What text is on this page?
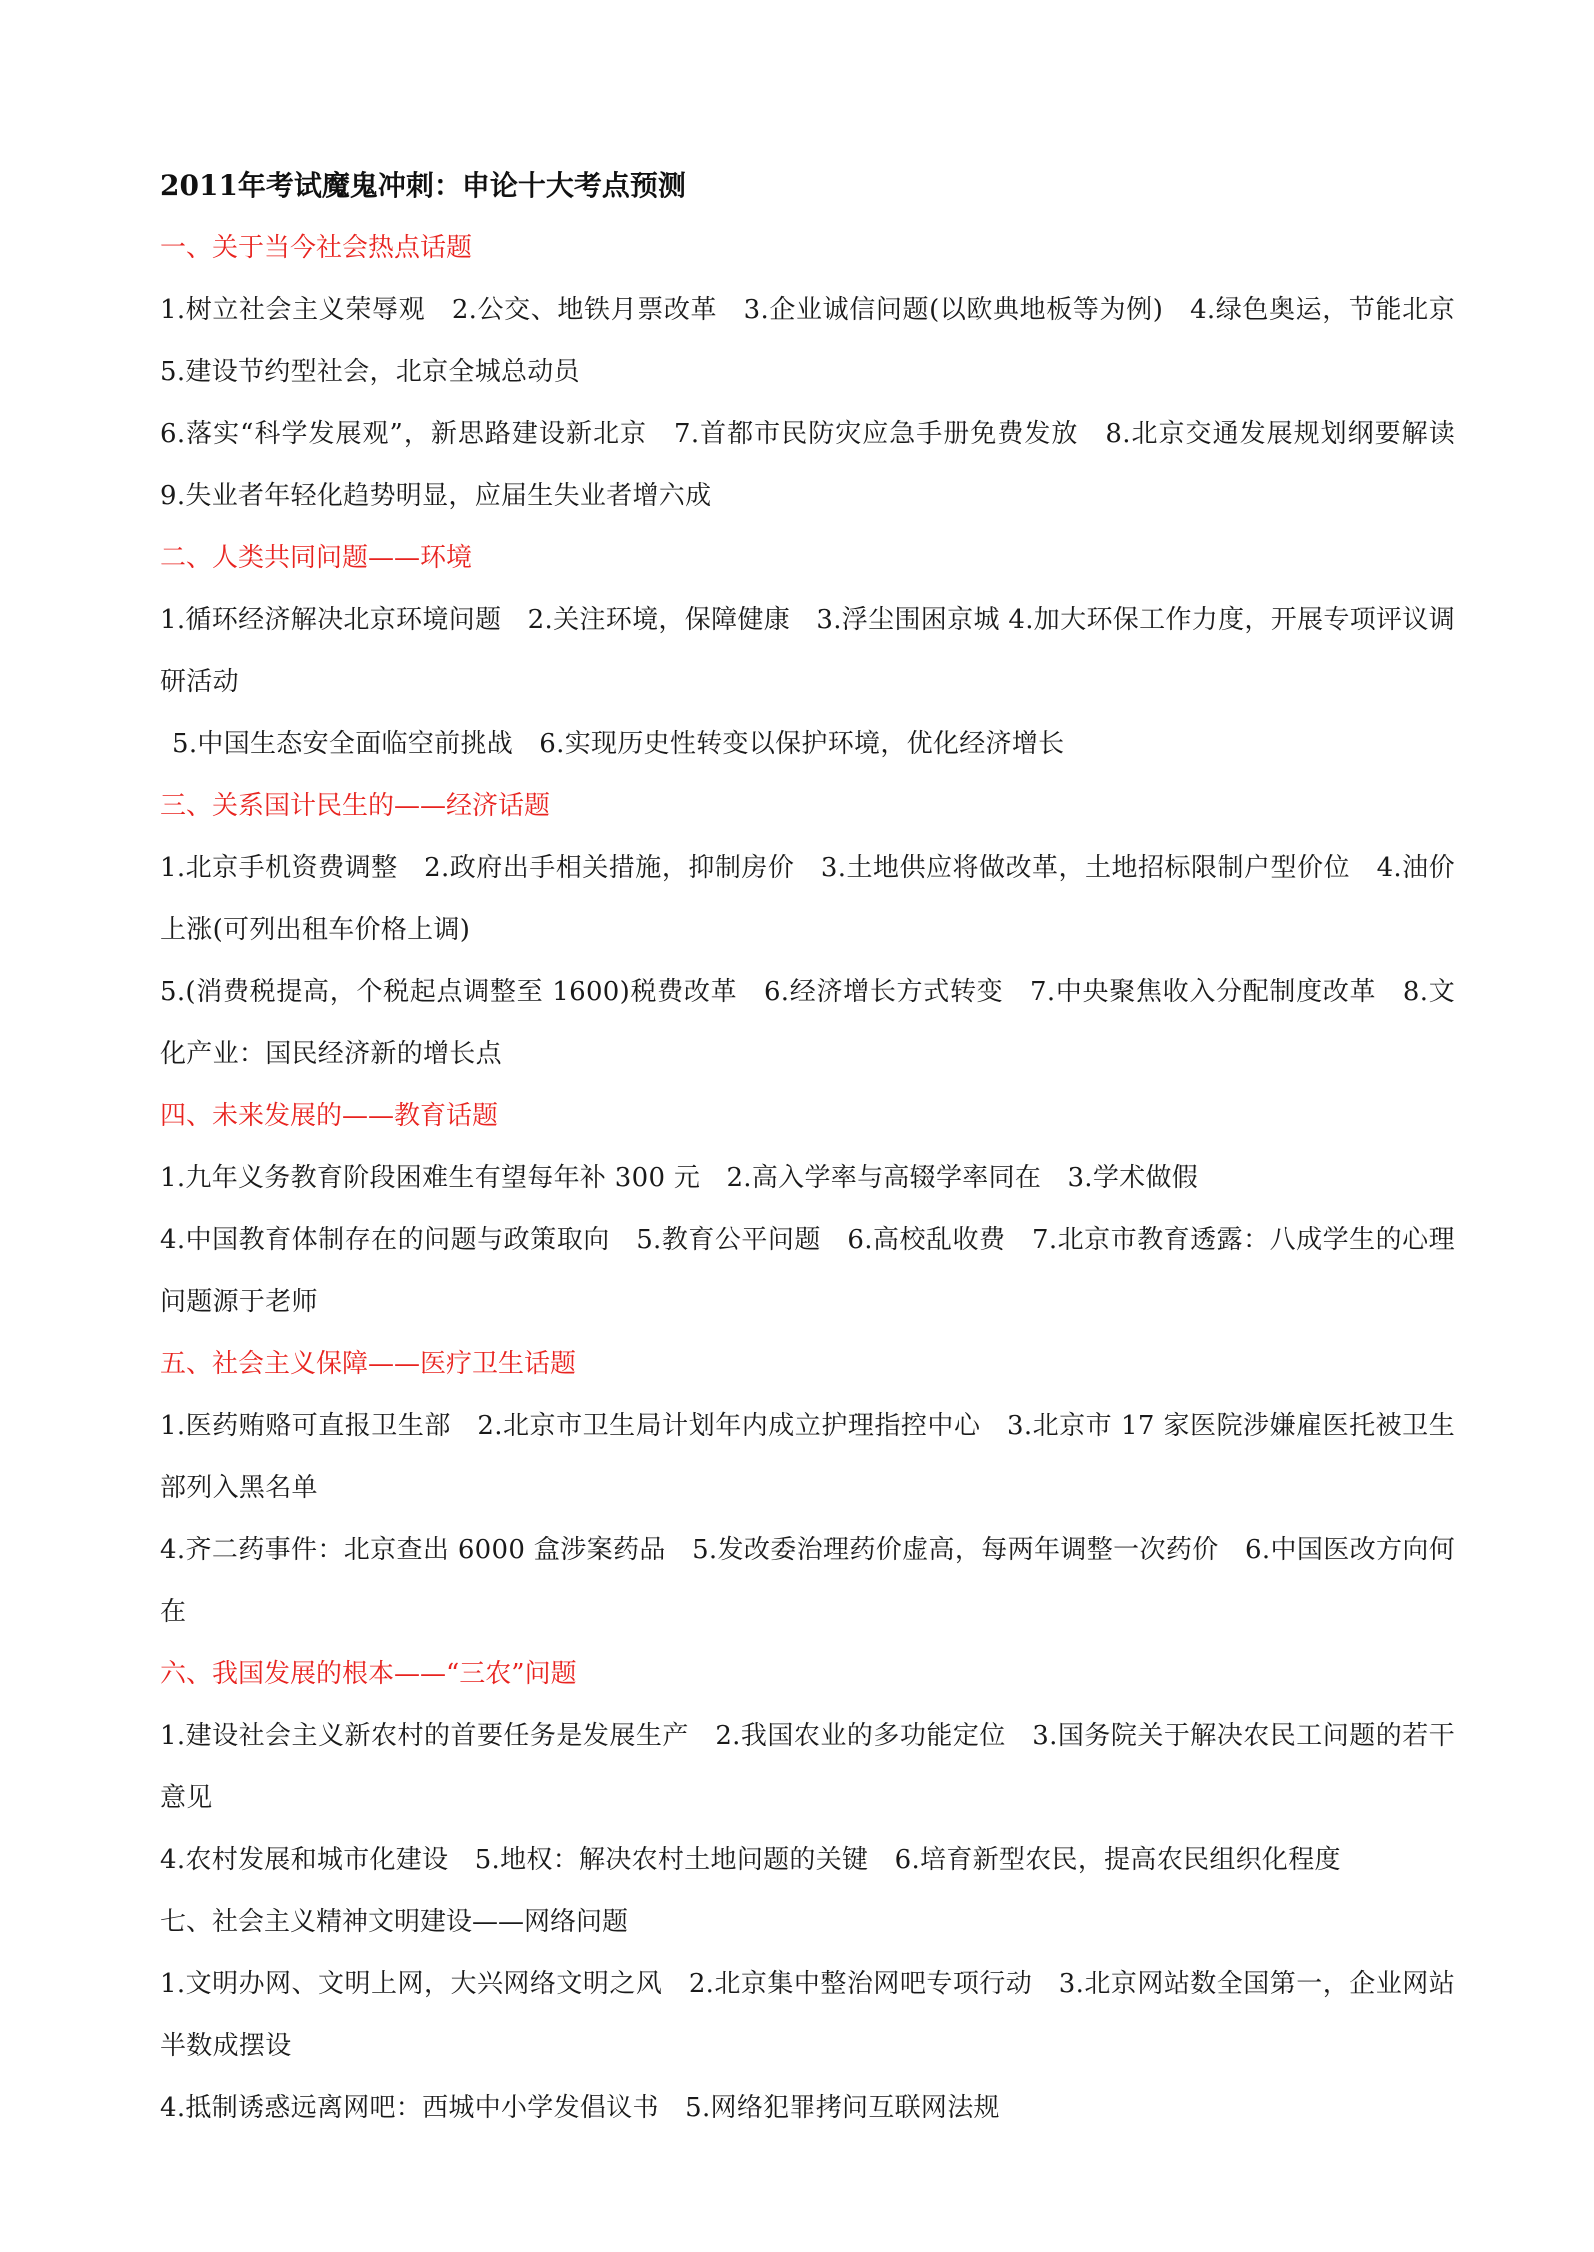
2011年考试魔鬼冲刺：申论十大考点预测

一、关于当今社会热点话题

1.树立社会主义荣辱观　2.公交、地铁月票改革　3.企业诚信问题(以欧典地板等为例)　4.绿色奥运，节能北京　5.建设节约型社会，北京全城总动员

6.落实“科学发展观”，新思路建设新北京　7.首都市民防灾应急手册免费发放　8.北京交通发展规划纲要解读　9.失业者年轻化趋势明显，应届生失业者增六成

二、人类共同问题——环境

1.循环经济解决北京环境问题　2.关注环境，保障健康　3.浮尘围困京城 4.加大环保工作力度，开展专项评议调研活动

5.中国生态安全面临空前挑战　6.实现历史性转变以保护环境，优化经济增长

三、关系国计民生的——经济话题

1.北京手机资费调整　2.政府出手相关措施，抑制房价　3.土地供应将做改革，土地招标限制户型价位　4.油价上涨(可列出租车价格上调)

5.(消费税提高，个税起点调整至 1600)税费改革　6.经济增长方式转变　7.中央聚焦收入分配制度改革　8.文化产业：国民经济新的增长点

四、未来发展的——教育话题

1.九年义务教育阶段困难生有望每年补 300 元　2.高入学率与高辍学率同在　3.学术做假

4.中国教育体制存在的问题与政策取向　5.教育公平问题　6.高校乱收费　7.北京市教育透露：八成学生的心理问题源于老师

五、社会主义保障——医疗卫生话题

1.医药贿赂可直报卫生部　2.北京市卫生局计划年内成立护理指控中心　3.北京市 17 家医院涉嫌雇医托被卫生部列入黑名单

4.齐二药事件：北京查出 6000 盒涉案药品　5.发改委治理药价虚高，每两年调整一次药价　6.中国医改方向何在

六、我国发展的根本——“三农”问题

1.建设社会主义新农村的首要任务是发展生产　2.我国农业的多功能定位　3.国务院关于解决农民工问题的若干意见

4.农村发展和城市化建设　5.地权：解决农村土地问题的关键　6.培育新型农民，提高农民组织化程度

七、社会主义精神文明建设——网络问题

1.文明办网、文明上网，大兴网络文明之风　2.北京集中整治网吧专项行动　3.北京网站数全国第一，企业网站半数成摆设

4.抵制诱惑远离网吧：西城中小学发倡议书　5.网络犯罪拷问互联网法规
